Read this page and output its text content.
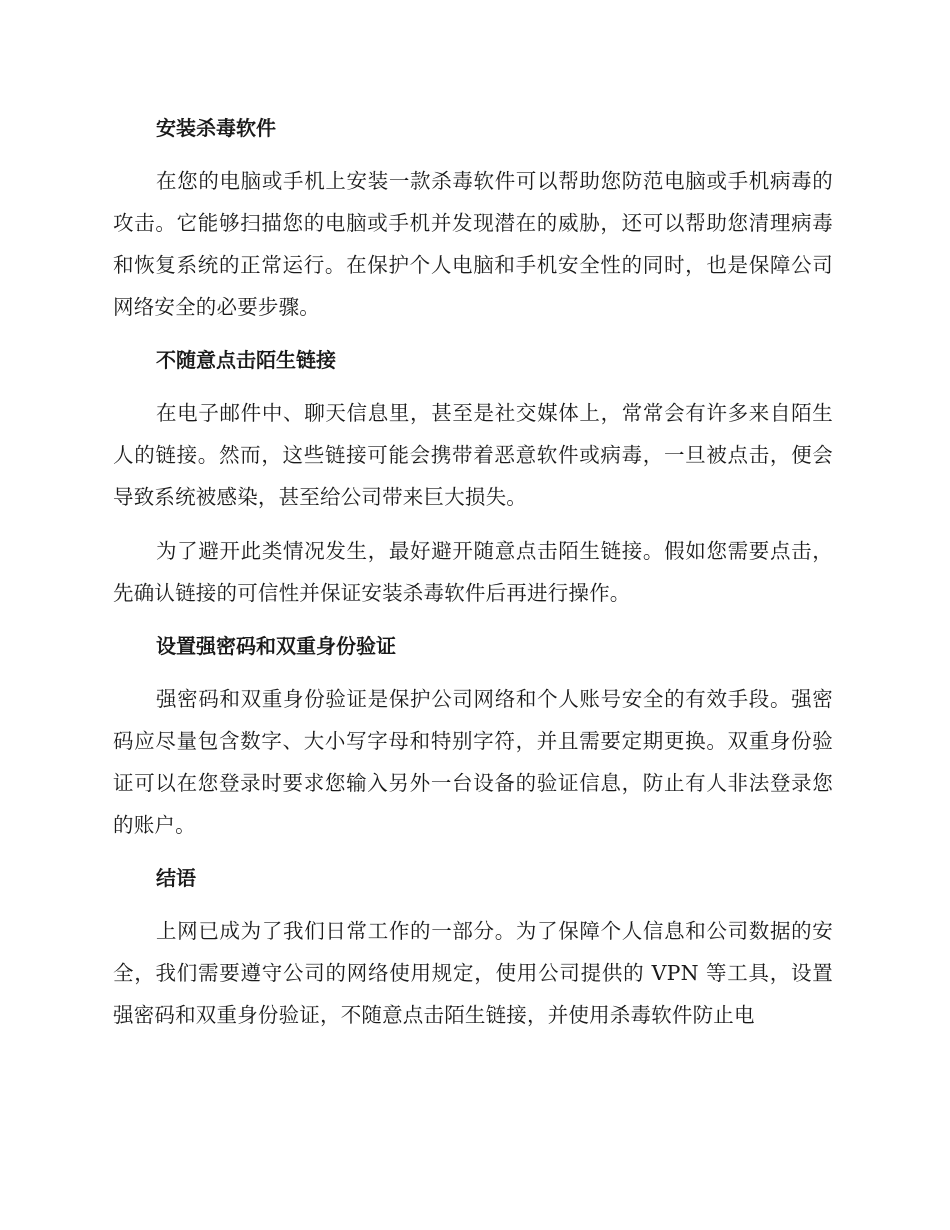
安装杀毒软件

在您的电脑或手机上安装一款杀毒软件可以帮助您防范电脑或手机病毒的攻击。它能够扫描您的电脑或手机并发现潜在的威胁，还可以帮助您清理病毒和恢复系统的正常运行。在保护个人电脑和手机安全性的同时，也是保障公司网络安全的必要步骤。

不随意点击陌生链接

在电子邮件中、聊天信息里，甚至是社交媒体上，常常会有许多来自陌生人的链接。然而，这些链接可能会携带着恶意软件或病毒，一旦被点击，便会导致系统被感染，甚至给公司带来巨大损失。

为了避开此类情况发生，最好避开随意点击陌生链接。假如您需要点击，先确认链接的可信性并保证安装杀毒软件后再进行操作。

设置强密码和双重身份验证

强密码和双重身份验证是保护公司网络和个人账号安全的有效手段。强密码应尽量包含数字、大小写字母和特别字符，并且需要定期更换。双重身份验证可以在您登录时要求您输入另外一台设备的验证信息，防止有人非法登录您的账户。

结语

上网已成为了我们日常工作的一部分。为了保障个人信息和公司数据的安全，我们需要遵守公司的网络使用规定，使用公司提供的 VPN 等工具，设置强密码和双重身份验证，不随意点击陌生链接，并使用杀毒软件防止电
